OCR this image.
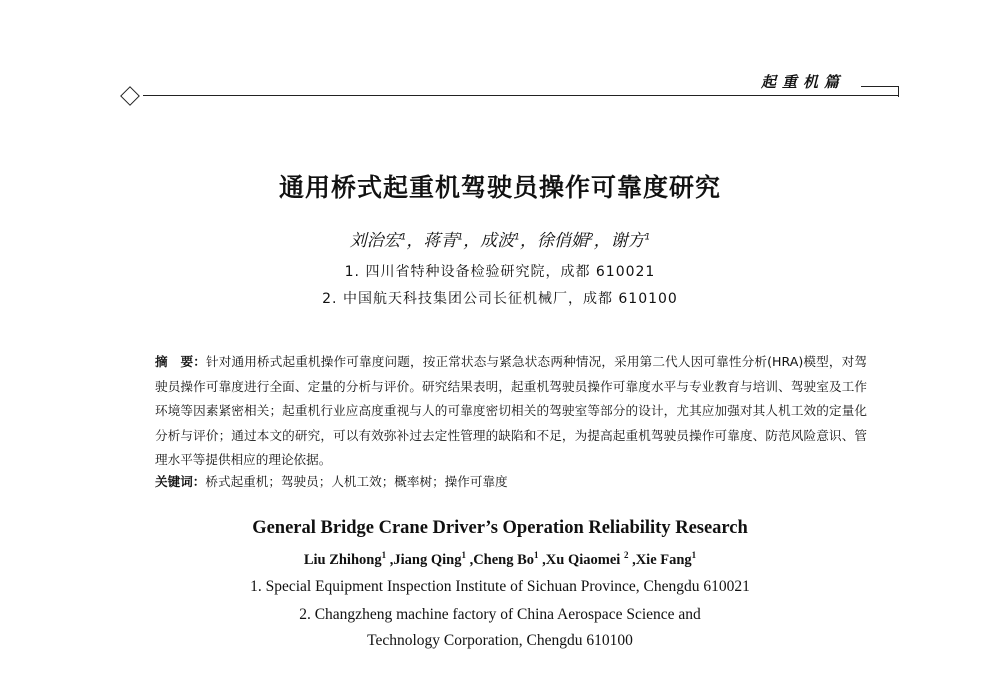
起重机篇
通用桥式起重机驾驶员操作可靠度研究
刘治宏$^1$，蒋青$^1$，成波$^1$，徐俏媚$^2$，谢方$^1$
1. 四川省特种设备检验研究院，成都 610021
2. 中国航天科技集团公司长征机械厂，成都 610100
摘　要：针对通用桥式起重机操作可靠度问题，按正常状态与紧急状态两种情况，采用第二代人因可靠性分析(HRA)模型，对驾驶员操作可靠度进行全面、定量的分析与评价。研究结果表明，起重机驾驶员操作可靠度水平与专业教育与培训、驾驶室及工作环境等因素紧密相关；起重机行业应高度重视与人的可靠度密切相关的驾驶室等部分的设计，尤其应加强对其人机工效的定量化分析与评价；通过本文的研究，可以有效弥补过去定性管理的缺陷和不足，为提高起重机驾驶员操作可靠度、防范风险意识、管理水平等提供相应的理论依据。
关键词：桥式起重机；驾驶员；人机工效；概率树；操作可靠度
General Bridge Crane Driver’s Operation Reliability Research
Liu Zhihong$^1$ ,Jiang Qing$^1$ ,Cheng Bo$^1$ ,Xu Qiaomei $^2$ ,Xie Fang$^1$
1. Special Equipment Inspection Institute of Sichuan Province, Chengdu 610021
2. Changzheng machine factory of China Aerospace Science and
Technology Corporation, Chengdu 610100
